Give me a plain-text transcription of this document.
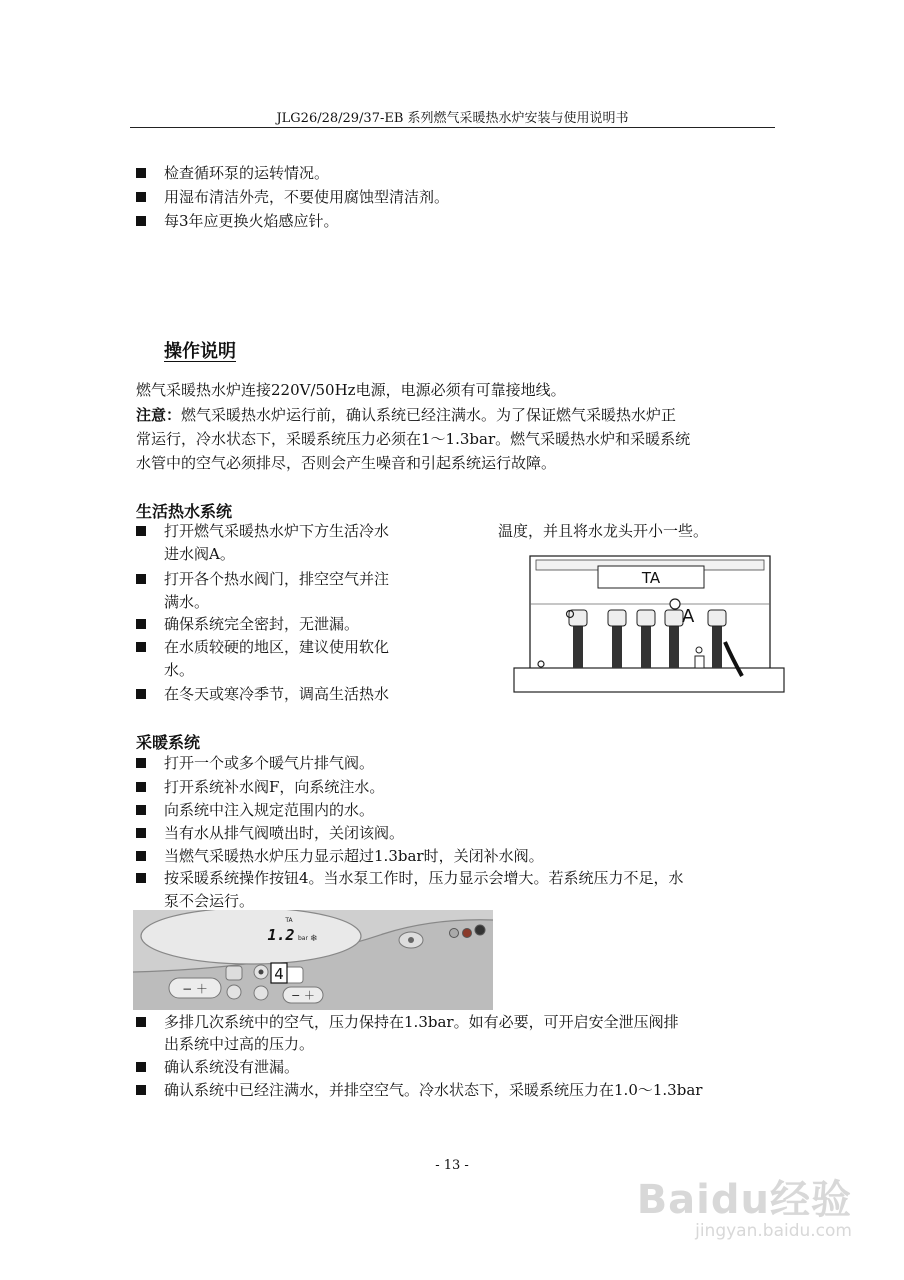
JLG26/28/29/37-EB 系列燃气采暖热水炉安装与使用说明书
检查循环泵的运转情况。
用湿布清洁外壳，不要使用腐蚀型清洁剂。
每3年应更换火焰感应针。
操作说明
燃气采暖热水炉连接220V/50Hz电源，电源必须有可靠接地线。
注意：燃气采暖热水炉运行前，确认系统已经注满水。为了保证燃气采暖热水炉正
常运行，冷水状态下，采暖系统压力必须在1～1.3bar。燃气采暖热水炉和采暖系统
水管中的空气必须排尽，否则会产生噪音和引起系统运行故障。
生活热水系统
打开燃气采暖热水炉下方生活冷水
进水阀A。
打开各个热水阀门，排空空气并注
满水。
确保系统完全密封，无泄漏。
在水质较硬的地区，建议使用软化
水。
在冬天或寒冷季节，调高生活热水
温度，并且将水龙头开小一些。
TA
A
采暖系统
打开一个或多个暖气片排气阀。
打开系统补水阀F，向系统注水。
向系统中注入规定范围内的水。
当有水从排气阀喷出时，关闭该阀。
当燃气采暖热水炉压力显示超过1.3bar时，关闭补水阀。
按采暖系统操作按钮4。当水泵工作时，压力显示会增大。若系统压力不足，水
泵不会运行。
TA
1.2 bar ❄
− ＋
4
− ＋
多排几次系统中的空气，压力保持在1.3bar。如有必要，可开启安全泄压阀排
出系统中过高的压力。
确认系统没有泄漏。
确认系统中已经注满水，并排空空气。冷水状态下，采暖系统压力在1.0～1.3bar
- 13 -
Baidu经验
jingyan.baidu.com
